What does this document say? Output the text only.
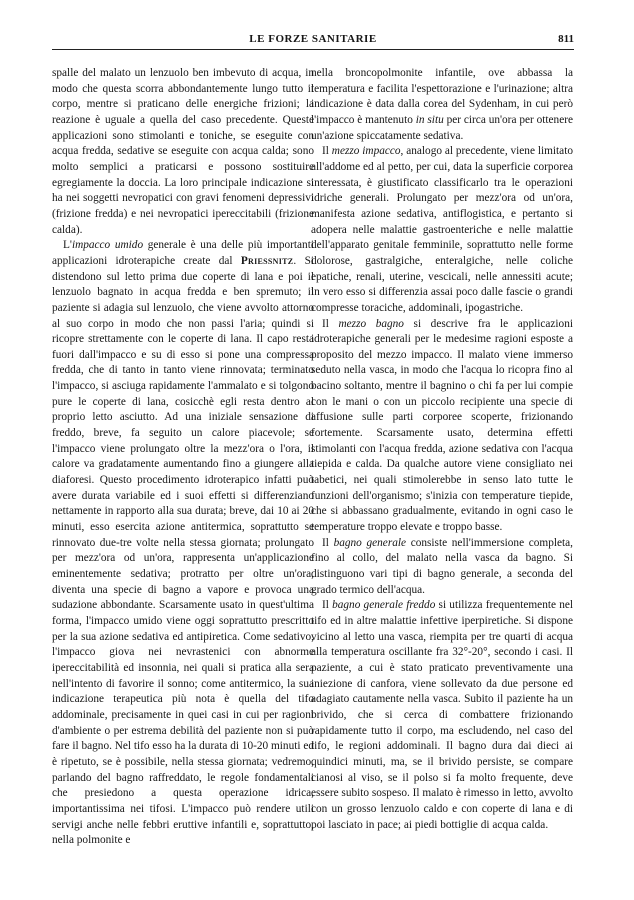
LE FORZE SANITARIE	811

spalle del malato un lenzuolo ben imbevuto di acqua, in modo che questa scorra abbondantemente lungo tutto il corpo, mentre si praticano delle energiche frizioni; la reazione è uguale a quella del caso precedente. Queste applicazioni sono stimolanti e toniche, se eseguite con acqua fredda, sedative se eseguite con acqua calda; sono molto semplici a praticarsi e possono sostituire egregiamente la doccia. La loro principale indicazione si ha nei soggetti nevropatici con gravi fenomeni depressivi (frizione fredda) e nei nevropatici ipereccitabili (frizione calda).

L'impacco umido generale è una delle più importanti applicazioni idroterapiche create dal Priessnitz. Si distendono sul letto prima due coperte di lana e poi il lenzuolo bagnato in acqua fredda e ben spremuto; il paziente si adagia sul lenzuolo, che viene avvolto attorno al suo corpo in modo che non passi l'aria; quindi si ricopre strettamente con le coperte di lana. Il capo resta fuori dall'impacco e su di esso si pone una compressa fredda, che di tanto in tanto viene rinnovata; terminato l'impacco, si asciuga rapidamente l'ammalato e si tolgono pure le coperte di lana, cosicchè egli resta dentro al proprio letto asciutto. Ad una iniziale sensazione di freddo, breve, fa seguito un calore piacevole; se l'impacco viene prolungato oltre la mezz'ora o l'ora, il calore va gradatamente aumentando fino a giungere alla diaforesi. Questo procedimento idroterapico infatti può avere durata variabile ed i suoi effetti si differenziano nettamente in rapporto alla sua durata; breve, dai 10 ai 20 minuti, esso esercita azione antitermica, soprattutto se rinnovato due-tre volte nella stessa giornata; prolungato per mezz'ora od un'ora, rappresenta un'applicazione eminentemente sedativa; protratto per oltre un'ora, diventa una specie di bagno a vapore e provoca una sudazione abbondante. Scarsamente usato in quest'ultima forma, l'impacco umido viene oggi soprattutto prescritto per la sua azione sedativa ed antipiretica. Come sedativo, l'impacco giova nei nevrastenici con abnorme ipereccitabilità ed insonnia, nei quali si pratica alla sera nell'intento di favorire il sonno; come antitermico, la sua indicazione terapeutica più nota è quella del tifo addominale, precisamente in quei casi in cui per ragioni d'ambiente o per estrema debilità del paziente non si può fare il bagno. Nel tifo esso ha la durata di 10-20 minuti ed è ripetuto, se è possibile, nella stessa giornata; vedremo, parlando del bagno raffreddato, le regole fondamentali che presiedono a questa operazione idrica, importantissima nei tifosi. L'impacco può rendere utili servigi anche nelle febbri eruttive infantili e, soprattutto, nella polmonite e

nella broncopolmonite infantile, ove abbassa la temperatura e facilita l'espettorazione e l'urinazione; altra indicazione è data dalla corea del Sydenham, in cui però l'impacco è mantenuto in situ per circa un'ora per ottenere un'azione spiccatamente sedativa.

Il mezzo impacco, analogo al precedente, viene limitato all'addome ed al petto, per cui, data la superficie corporea interessata, è giustificato classificarlo tra le operazioni idriche generali. Prolungato per mezz'ora od un'ora, manifesta azione sedativa, antiflogistica, e pertanto si adopera nelle malattie gastroenteriche e nelle malattie dell'apparato genitale femminile, soprattutto nelle forme dolorose, gastralgiche, enteralgiche, nelle coliche epatiche, renali, uterine, vescicali, nelle annessiti acute; in vero esso si differenzia assai poco dalle fascie o grandi compresse toraciche, addominali, ipogastriche.

Il mezzo bagno si descrive fra le applicazioni idroterapiche generali per le medesime ragioni esposte a proposito del mezzo impacco. Il malato viene immerso seduto nella vasca, in modo che l'acqua lo ricopra fino al bacino soltanto, mentre il bagnino o chi fa per lui compie con le mani o con un piccolo recipiente una specie di affusione sulle parti corporee scoperte, frizionando fortemente. Scarsamente usato, determina effetti stimolanti con l'acqua fredda, azione sedativa con l'acqua tiepida e calda. Da qualche autore viene consigliato nei tabetici, nei quali stimolerebbe in senso lato tutte le funzioni dell'organismo; s'inizia con temperature tiepide, che si abbassano gradualmente, evitando in ogni caso le temperature troppo elevate e troppo basse.

Il bagno generale consiste nell'immersione completa, fino al collo, del malato nella vasca da bagno. Si distinguono vari tipi di bagno generale, a seconda del grado termico dell'acqua.

Il bagno generale freddo si utilizza frequentemente nel tifo ed in altre malattie infettive iperpiretiche. Si dispone vicino al letto una vasca, riempita per tre quarti di acqua alla temperatura oscillante fra 32°-20°, secondo i casi. Il paziente, a cui è stato praticato preventivamente una iniezione di canfora, viene sollevato da due persone ed adagiato cautamente nella vasca. Subito il paziente ha un brivido, che si cerca di combattere frizionando rapidamente tutto il corpo, ma escludendo, nel caso del tifo, le regioni addominali. Il bagno dura dai dieci ai quindici minuti, ma, se il brivido persiste, se compare cianosi al viso, se il polso si fa molto frequente, deve essere subito sospeso. Il malato è rimesso in letto, avvolto con un grosso lenzuolo caldo e con coperte di lana e di poi lasciato in pace; ai piedi bottiglie di acqua calda.
